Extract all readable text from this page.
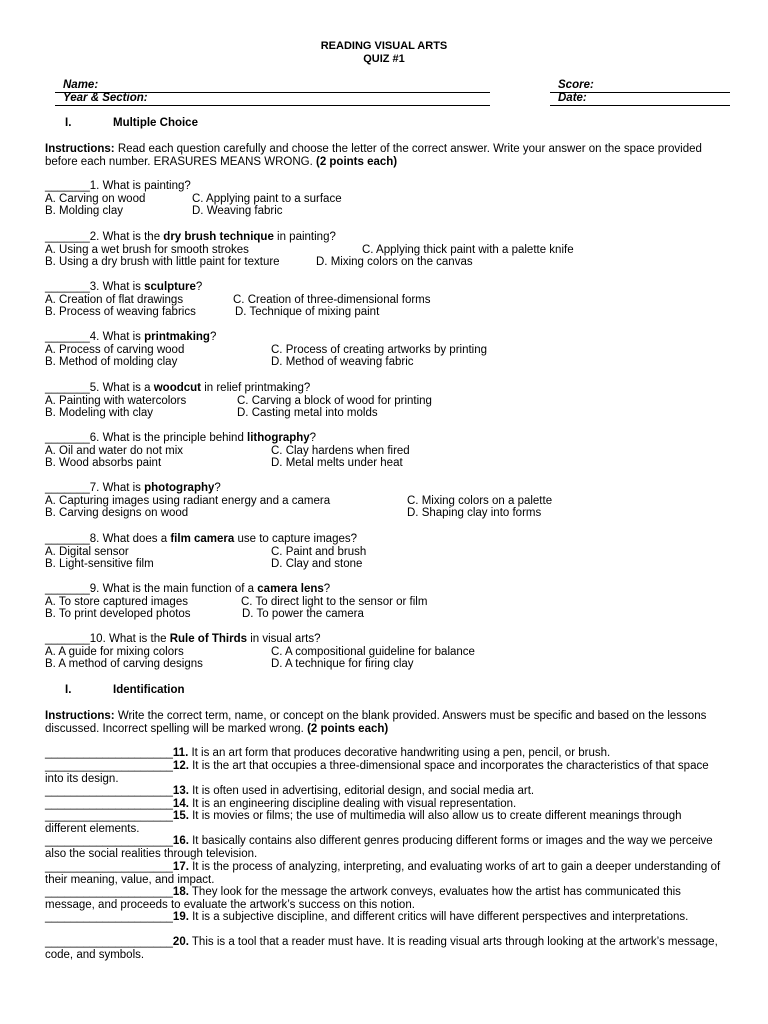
READING VISUAL ARTS
QUIZ #1
Name:	Score:
Year & Section:	Date:
I.	Multiple Choice
Instructions: Read each question carefully and choose the letter of the correct answer. Write your answer on the space provided before each number. ERASURES MEANS WRONG. (2 points each)
_______1. What is painting?
A. Carving on wood	C. Applying paint to a surface
B. Molding clay	D. Weaving fabric
_______2. What is the dry brush technique in painting?
A. Using a wet brush for smooth strokes	C. Applying thick paint with a palette knife
B. Using a dry brush with little paint for texture	D. Mixing colors on the canvas
_______3. What is sculpture?
A. Creation of flat drawings	C. Creation of three-dimensional forms
B. Process of weaving fabrics	D. Technique of mixing paint
_______4. What is printmaking?
A. Process of carving wood	C. Process of creating artworks by printing
B. Method of molding clay	D. Method of weaving fabric
_______5. What is a woodcut in relief printmaking?
A. Painting with watercolors	C. Carving a block of wood for printing
B. Modeling with clay	D. Casting metal into molds
_______6. What is the principle behind lithography?
A. Oil and water do not mix	C. Clay hardens when fired
B. Wood absorbs paint	D. Metal melts under heat
_______7. What is photography?
A. Capturing images using radiant energy and a camera	C. Mixing colors on a palette
B. Carving designs on wood	D. Shaping clay into forms
_______8. What does a film camera use to capture images?
A. Digital sensor	C. Paint and brush
B. Light-sensitive film	D. Clay and stone
_______9. What is the main function of a camera lens?
A. To store captured images	C. To direct light to the sensor or film
B. To print developed photos	D. To power the camera
_______10. What is the Rule of Thirds in visual arts?
A. A guide for mixing colors	C. A compositional guideline for balance
B. A method of carving designs	D. A technique for firing clay
I.	Identification
Instructions: Write the correct term, name, or concept on the blank provided. Answers must be specific and based on the lessons discussed. Incorrect spelling will be marked wrong. (2 points each)
____________________11. It is an art form that produces decorative handwriting using a pen, pencil, or brush.
____________________12. It is the art that occupies a three-dimensional space and incorporates the characteristics of that space into its design.
____________________13. It is often used in advertising, editorial design, and social media art.
____________________14. It is an engineering discipline dealing with visual representation.
____________________15. It is movies or films; the use of multimedia will also allow us to create different meanings through different elements.
____________________16. It basically contains also different genres producing different forms or images and the way we perceive also the social realities through television.
____________________17. It is the process of analyzing, interpreting, and evaluating works of art to gain a deeper understanding of their meaning, value, and impact.
____________________18. They look for the message the artwork conveys, evaluates how the artist has communicated this message, and proceeds to evaluate the artwork’s success on this notion.
____________________19. It is a subjective discipline, and different critics will have different perspectives and interpretations.
____________________20. This is a tool that a reader must have. It is reading visual arts through looking at the artwork’s message, code, and symbols.
